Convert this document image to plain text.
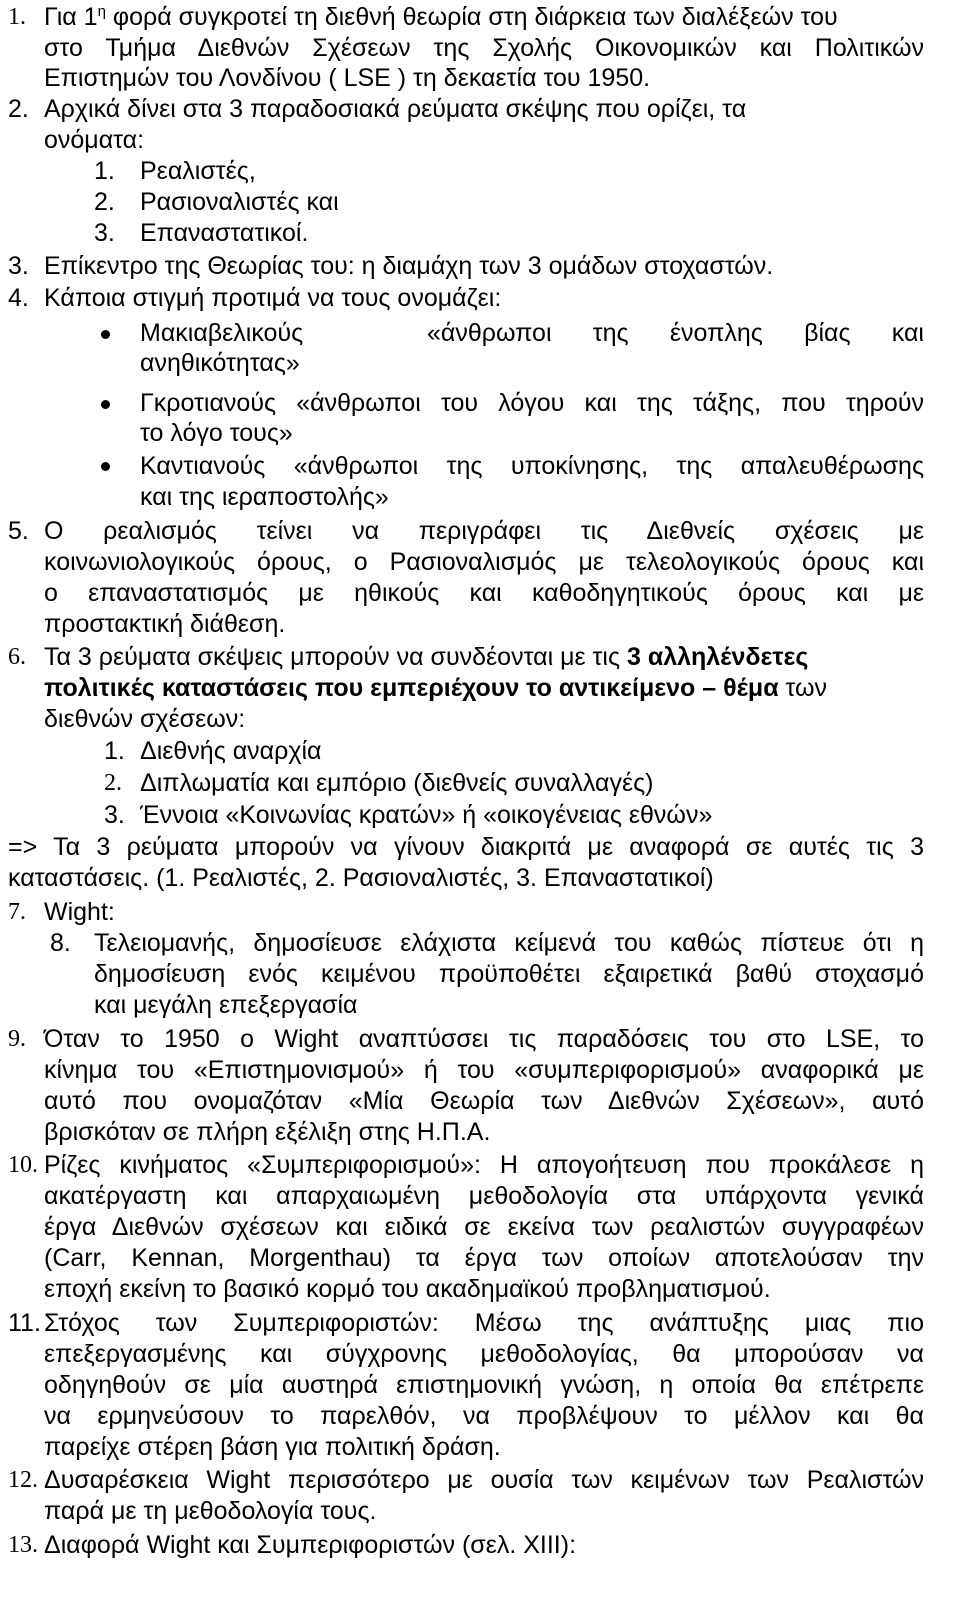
1. Για $1^\eta$ φορά συγκροτεί τη διεθνή θεωρία στη διάρκεια των διαλέξεών του
στο Τμήμα Διεθνών Σχέσεων της Σχολής Οικονομικών και Πολιτικών
Επιστημών του Λονδίνου ( LSE ) τη δεκαετία του 1950.
2. Αρχικά δίνει στα 3 παραδοσιακά ρεύματα σκέψης που ορίζει, τα
ονόματα:
1. Ρεαλιστές,
2. Ρασιοναλιστές και
3. Επαναστατικοί.
3. Επίκεντρο της Θεωρίας του: η διαμάχη των 3 ομάδων στοχαστών.
4. Κάποια στιγμή προτιμά να τους ονομάζει:
Μακιαβελικούς	«άνθρωποι της ένοπλης βίας και
ανηθικότητας»
Γκροτιανούς «άνθρωποι του λόγου και της τάξης, που τηρούν
το λόγο τους»
Καντιανούς «άνθρωποι της υποκίνησης, της απαλευθέρωσης
και της ιεραποστολής»
5. Ο ρεαλισμός τείνει να περιγράφει τις Διεθνείς σχέσεις με
κοινωνιολογικούς όρους, ο Ρασιοναλισμός με τελεολογικούς όρους και
ο επαναστατισμός με ηθικούς και καθοδηγητικούς όρους και με
προστακτική διάθεση.
6. Τα 3 ρεύματα σκέψεις μπορούν να συνδέονται με τις 3 αλληλένδετες
πολιτικές καταστάσεις που εμπεριέχουν το αντικείμενο – θέμα των
διεθνών σχέσεων:
1. Διεθνής αναρχία
2. Διπλωματία και εμπόριο (διεθνείς συναλλαγές)
3. Έννοια «Κοινωνίας κρατών» ή «οικογένειας εθνών»
=> Τα 3 ρεύματα μπορούν να γίνουν διακριτά με αναφορά σε αυτές τις 3
καταστάσεις. (1. Ρεαλιστές, 2. Ρασιοναλιστές, 3. Επαναστατικοί)
7. Wight:
8. Τελειομανής, δημοσίευσε ελάχιστα κείμενά του καθώς πίστευε ότι η
δημοσίευση ενός κειμένου προϋποθέτει εξαιρετικά βαθύ στοχασμό
και μεγάλη επεξεργασία
9. Όταν το 1950 ο Wight αναπτύσσει τις παραδόσεις του στο LSE, το
κίνημα του «Επιστημονισμού» ή του «συμπεριφορισμού» αναφορικά με
αυτό που ονομαζόταν «Μία Θεωρία των Διεθνών Σχέσεων», αυτό
βρισκόταν σε πλήρη εξέλιξη στης Η.Π.Α.
10. Ρίζες κινήματος «Συμπεριφορισμού»: Η απογοήτευση που προκάλεσε η
ακατέργαστη και απαρχαιωμένη μεθοδολογία στα υπάρχοντα γενικά
έργα Διεθνών σχέσεων και ειδικά σε εκείνα των ρεαλιστών συγγραφέων
(Carr, Kennan, Morgenthau) τα έργα των οποίων αποτελούσαν την
εποχή εκείνη το βασικό κορμό του ακαδημαϊκού προβληματισμού.
11. Στόχος των Συμπεριφοριστών: Μέσω της ανάπτυξης μιας πιο
επεξεργασμένης και σύγχρονης μεθοδολογίας, θα μπορούσαν να
οδηγηθούν σε μία αυστηρά επιστημονική γνώση, η οποία θα επέτρεπε
να ερμηνεύσουν το παρελθόν, να προβλέψουν το μέλλον και θα
παρείχε στέρεη βάση για πολιτική δράση.
12. Δυσαρέσκεια Wight περισσότερο με ουσία των κειμένων των Ρεαλιστών
παρά με τη μεθοδολογία τους.
13. Διαφορά Wight και Συμπεριφοριστών (σελ. XIII):
